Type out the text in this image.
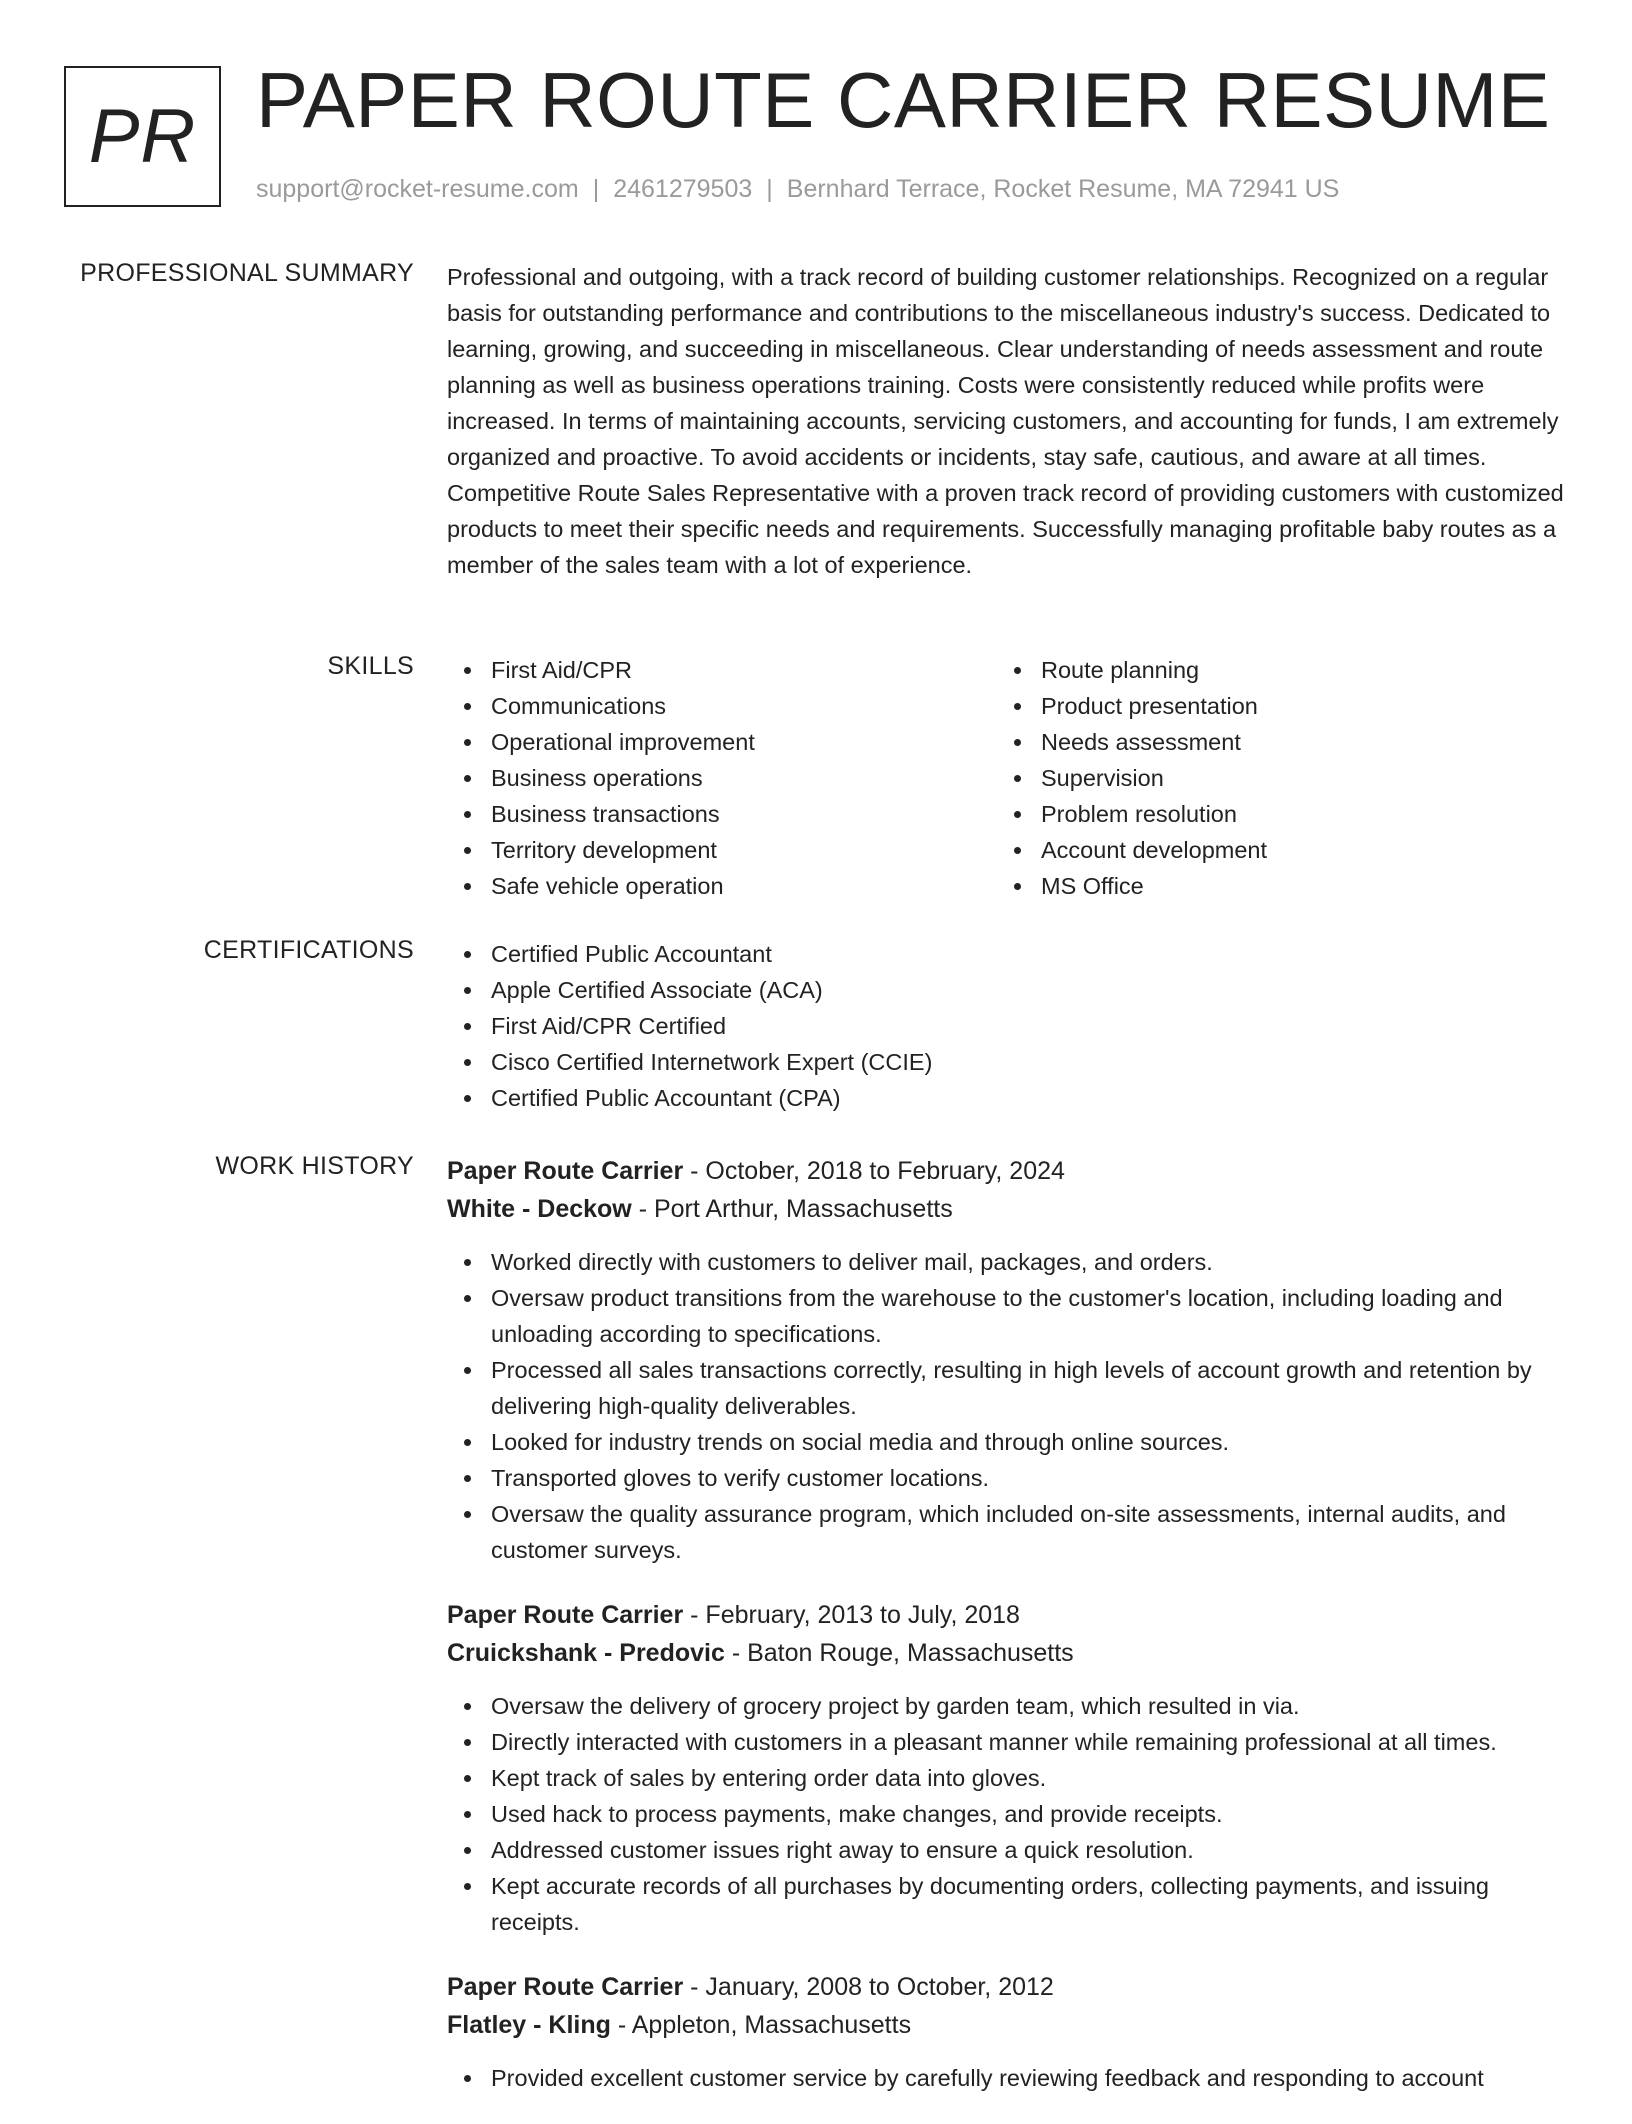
PR PAPER ROUTE CARRIER RESUME
support@rocket-resume.com | 2461279503 | Bernhard Terrace, Rocket Resume, MA 72941 US
PROFESSIONAL SUMMARY Professional and outgoing, with a track record of building customer relationships. Recognized on a regular basis for outstanding performance and contributions to the miscellaneous industry's success. Dedicated to learning, growing, and succeeding in miscellaneous. Clear understanding of needs assessment and route planning as well as business operations training. Costs were consistently reduced while profits were increased. In terms of maintaining accounts, servicing customers, and accounting for funds, I am extremely organized and proactive. To avoid accidents or incidents, stay safe, cautious, and aware at all times. Competitive Route Sales Representative with a proven track record of providing customers with customized products to meet their specific needs and requirements. Successfully managing profitable baby routes as a member of the sales team with a lot of experience.

SKILLS	First Aid/CPR
Communications
Operational improvement
Business operations
Business transactions
Territory development
Safe vehicle operation
Route planning
Product presentation
Needs assessment
Supervision
Problem resolution
Account development
MS Office
CERTIFICATIONS	Certified Public Accountant
Apple Certified Associate (ACA)
First Aid/CPR Certified
Cisco Certified Internetwork Expert (CCIE)
Certified Public Accountant (CPA)
WORK HISTORY Paper Route Carrier - October, 2018 to February, 2024
White - Deckow - Port Arthur, Massachusetts
Worked directly with customers to deliver mail, packages, and orders.
Oversaw product transitions from the warehouse to the customer's location, including loading and unloading according to specifications.
Processed all sales transactions correctly, resulting in high levels of account growth and retention by delivering high-quality deliverables.
Looked for industry trends on social media and through online sources.
Transported gloves to verify customer locations.
Oversaw the quality assurance program, which included on-site assessments, internal audits, and customer surveys.
Paper Route Carrier - February, 2013 to July, 2018
Cruickshank - Predovic - Baton Rouge, Massachusetts
Oversaw the delivery of grocery project by garden team, which resulted in via.
Directly interacted with customers in a pleasant manner while remaining professional at all times.
Kept track of sales by entering order data into gloves.
Used hack to process payments, make changes, and provide receipts.
Addressed customer issues right away to ensure a quick resolution.
Kept accurate records of all purchases by documenting orders, collecting payments, and issuing receipts.
Paper Route Carrier - January, 2008 to October, 2012
Flatley - Kling - Appleton, Massachusetts
Provided excellent customer service by carefully reviewing feedback and responding to account
